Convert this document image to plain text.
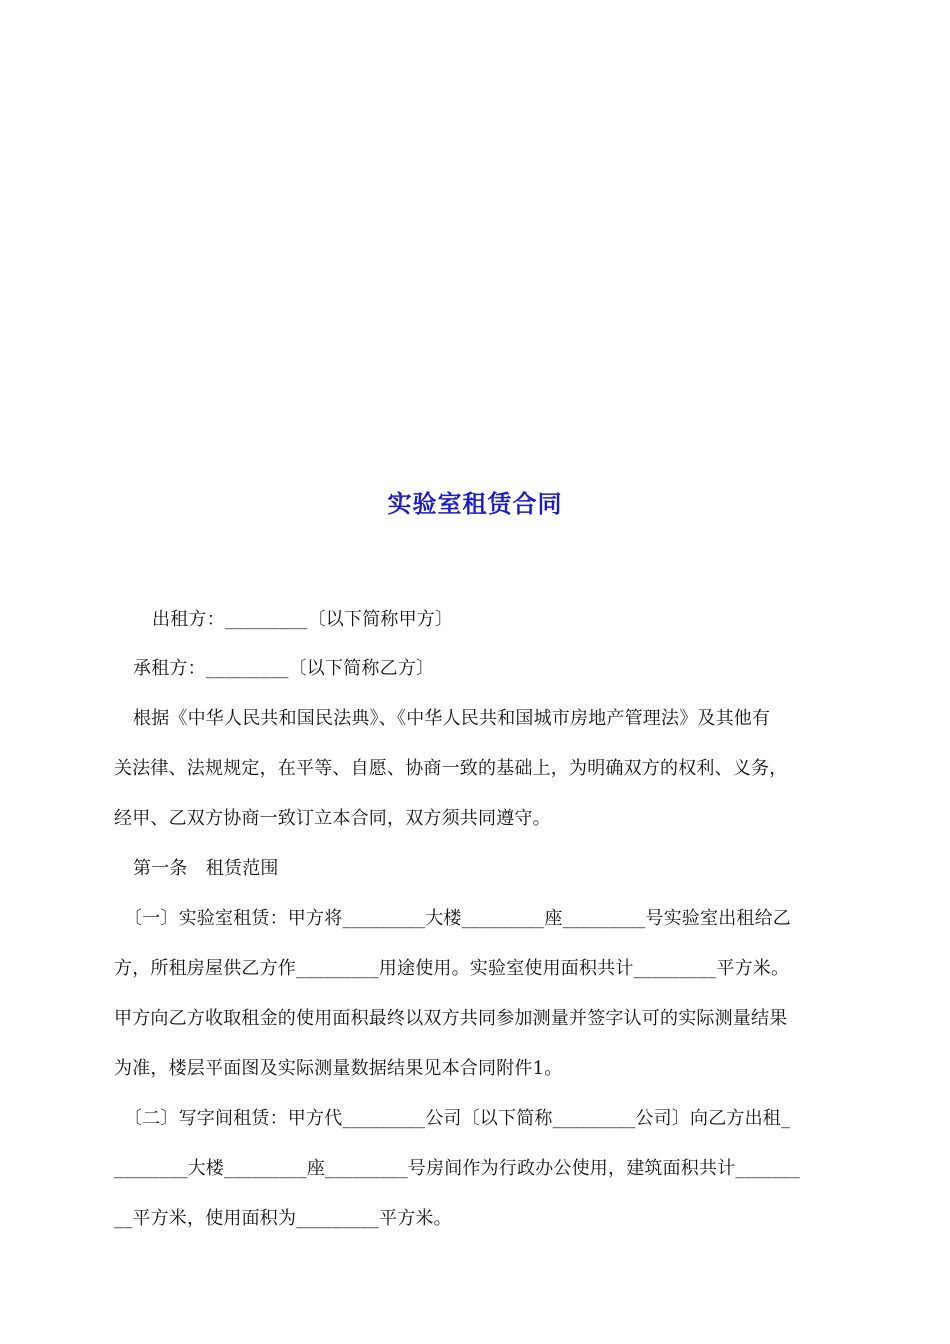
实验室租赁合同
出租方：_________〔以下简称甲方〕
承租方：_________〔以下简称乙方〕
根据《中华人民共和国民法典》、《中华人民共和国城市房地产管理法》及其他有
关法律、法规规定，在平等、自愿、协商一致的基础上，为明确双方的权利、义务，
经甲、乙双方协商一致订立本合同，双方须共同遵守。
第一条　租赁范围
〔一〕实验室租赁：甲方将_________大楼_________座_________号实验室出租给乙
方，所租房屋供乙方作_________用途使用。实验室使用面积共计_________平方米。
甲方向乙方收取租金的使用面积最终以双方共同参加测量并签字认可的实际测量结果
为准，楼层平面图及实际测量数据结果见本合同附件1。
〔二〕写字间租赁：甲方代_________公司〔以下简称_________公司〕向乙方出租_
________大楼_________座_________号房间作为行政办公使用，建筑面积共计_______
__平方米，使用面积为_________平方米。
